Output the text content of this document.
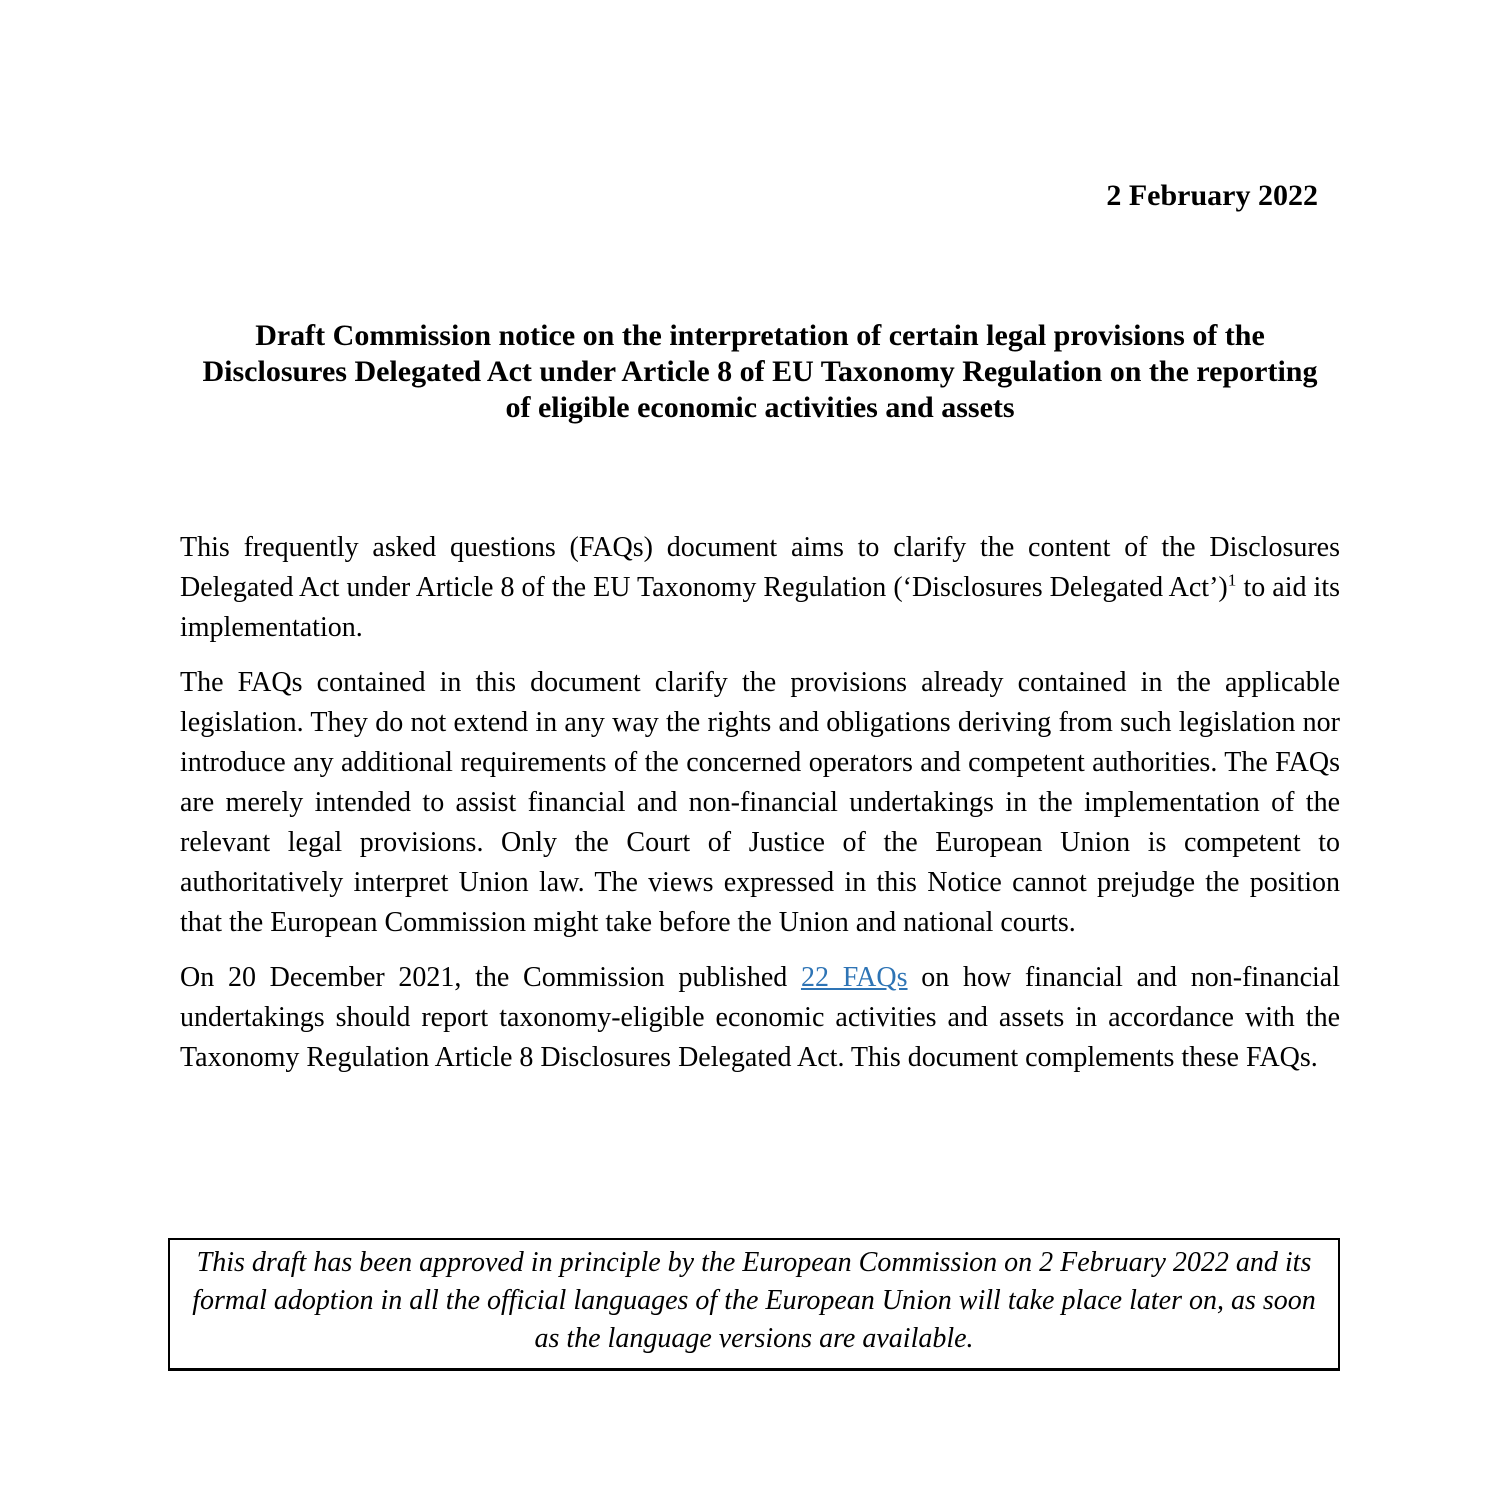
2 February 2022
Draft Commission notice on the interpretation of certain legal provisions of the
Disclosures Delegated Act under Article 8 of EU Taxonomy Regulation on the reporting
of eligible economic activities and assets

This frequently asked questions (FAQs) document aims to clarify the content of the Disclosures Delegated Act under Article 8 of the EU Taxonomy Regulation (‘Disclosures Delegated Act’)$^1$ to aid its implementation.

The FAQs contained in this document clarify the provisions already contained in the applicable legislation. They do not extend in any way the rights and obligations deriving from such legislation nor introduce any additional requirements of the concerned operators and competent authorities. The FAQs are merely intended to assist financial and non-financial undertakings in the implementation of the relevant legal provisions. Only the Court of Justice of the European Union is competent to authoritatively interpret Union law. The views expressed in this Notice cannot prejudge the position that the European Commission might take before the Union and national courts.

On 20 December 2021, the Commission published 22 FAQs on how financial and non-financial undertakings should report taxonomy-eligible economic activities and assets in accordance with the Taxonomy Regulation Article 8 Disclosures Delegated Act. This document complements these FAQs.

This draft has been approved in principle by the European Commission on 2 February 2022 and its formal adoption in all the official languages of the European Union will take place later on, as soon as the language versions are available.
